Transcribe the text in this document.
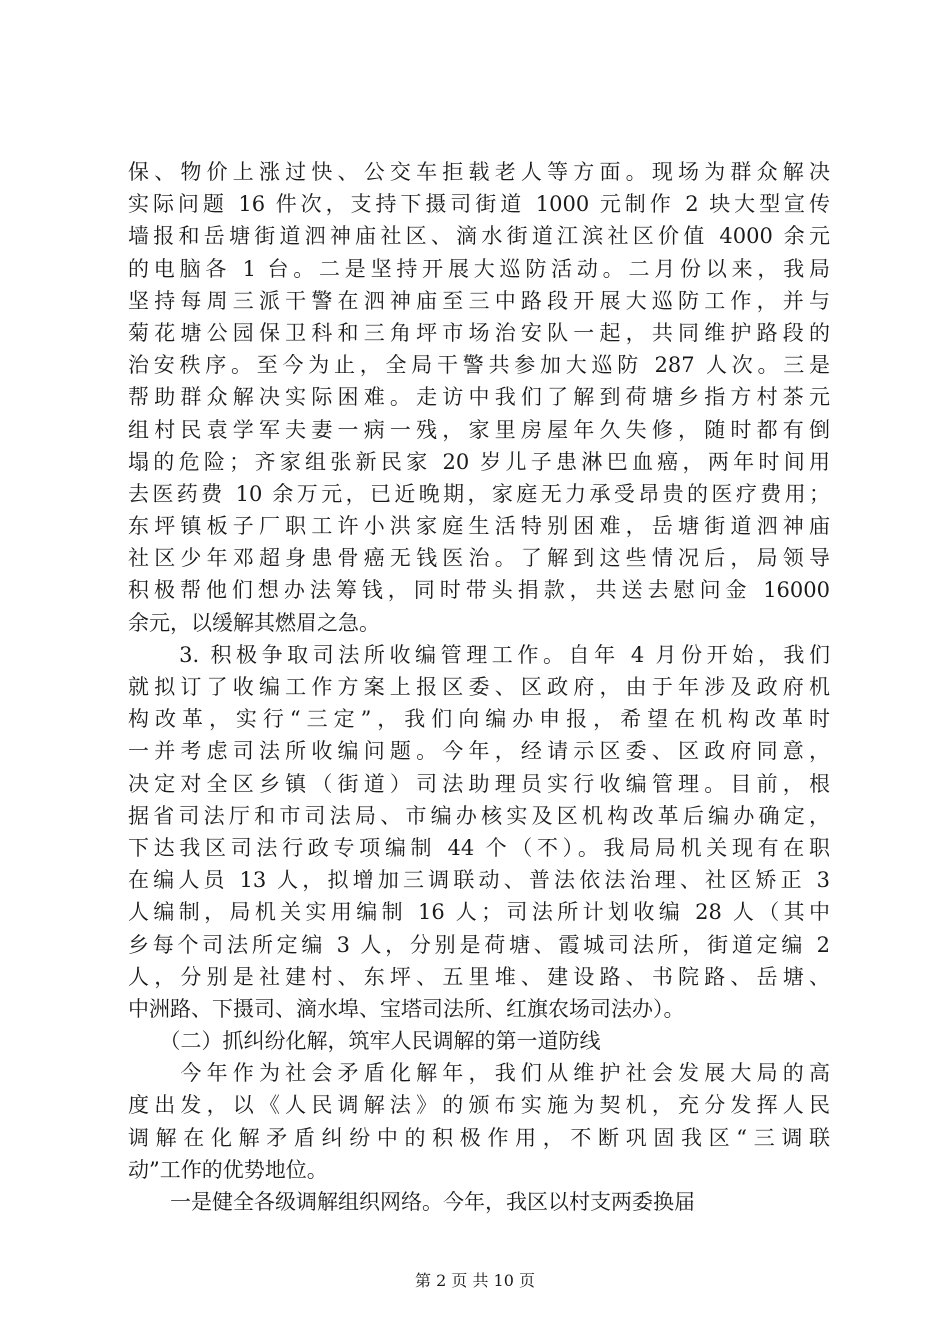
保、物价上涨过快、公交车拒载老人等方面。现场为群众解决
实际问题 16 件次，支持下摄司街道 1000 元制作 2 块大型宣传
墙报和岳塘街道泗神庙社区、滴水街道江滨社区价值 4000 余元
的电脑各 1 台。二是坚持开展大巡防活动。二月份以来，我局
坚持每周三派干警在泗神庙至三中路段开展大巡防工作，并与
菊花塘公园保卫科和三角坪市场治安队一起，共同维护路段的
治安秩序。至今为止，全局干警共参加大巡防 287 人次。三是
帮助群众解决实际困难。走访中我们了解到荷塘乡指方村茶元
组村民袁学军夫妻一病一残，家里房屋年久失修，随时都有倒
塌的危险；齐家组张新民家 20 岁儿子患淋巴血癌，两年时间用
去医药费 10 余万元，已近晚期，家庭无力承受昂贵的医疗费用；
东坪镇板子厂职工许小洪家庭生活特别困难，岳塘街道泗神庙
社区少年邓超身患骨癌无钱医治。了解到这些情况后，局领导
积极帮他们想办法筹钱，同时带头捐款，共送去慰问金 16000
余元，以缓解其燃眉之急。
　　3. 积极争取司法所收编管理工作。自年 4 月份开始，我们
就拟订了收编工作方案上报区委、区政府，由于年涉及政府机
构改革，实行“三定”，我们向编办申报，希望在机构改革时
一并考虑司法所收编问题。今年，经请示区委、区政府同意，
决定对全区乡镇（街道）司法助理员实行收编管理。目前，根
据省司法厅和市司法局、市编办核实及区机构改革后编办确定，
下达我区司法行政专项编制 44 个（不）。我局局机关现有在职
在编人员 13 人，拟增加三调联动、普法依法治理、社区矫正 3
人编制，局机关实用编制 16 人；司法所计划收编 28 人（其中
乡每个司法所定编 3 人，分别是荷塘、霞城司法所，街道定编 2
人，分别是社建村、东坪、五里堆、建设路、书院路、岳塘、
中洲路、下摄司、滴水埠、宝塔司法所、红旗农场司法办）。
　　（二）抓纠纷化解，筑牢人民调解的第一道防线
　　今年作为社会矛盾化解年，我们从维护社会发展大局的高
度出发，以《人民调解法》的颁布实施为契机，充分发挥人民
调解在化解矛盾纠纷中的积极作用，不断巩固我区“三调联
动”工作的优势地位。
　　一是健全各级调解组织网络。今年，我区以村支两委换届
第 2 页 共 10 页
